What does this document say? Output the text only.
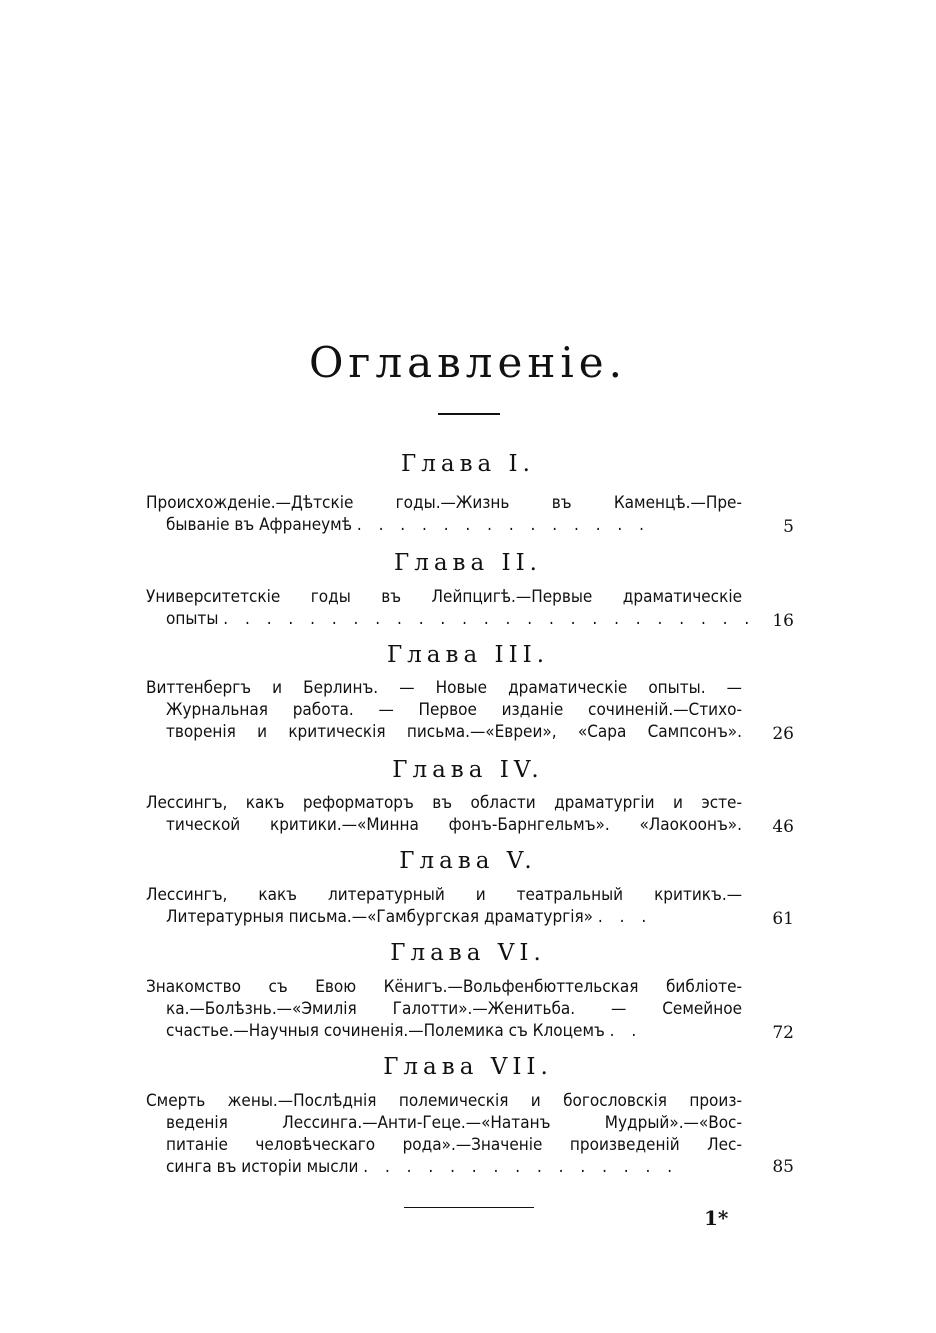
Оглавленіе.
Глава I.
Происхожденіе.—Дѣтскіе годы.—Жизнь въ Каменцѣ.—Пре-
бываніе въ Афранеумѣ . . . . . . . . . . . . . .	5
Глава II.
Университетскіе годы въ Лейпцигѣ.—Первые драматическіе
опыты . . . . . . . . . . . . . . . . . . . . . . . . .	16
Глава III.
Виттенбергъ и Берлинъ. — Новые драматическіе опыты. —
Журнальная работа. — Первое изданіе сочиненій.—Стихо-
творенія и критическія письма.—«Евреи», «Сара Сампсонъ».	26
Глава IV.
Лессингъ, какъ реформаторъ въ области драматургіи и эсте-
тической критики.—«Минна фонъ-Барнгельмъ». «Лаокоонъ».	46
Глава V.
Лессингъ, какъ литературный и театральный критикъ.—
Литературныя письма.—«Гамбургская драматургія» . . .	61
Глава VI.
Знакомство съ Евою Кёнигъ.—Вольфенбюттельская библіоте-
ка.—Болѣзнь.—«Эмилія Галотти».—Женитьба. — Семейное
счастье.—Научныя сочиненія.—Полемика съ Клоцемъ . .	72
Глава VII.
Смерть жены.—Послѣднія полемическія и богословскія произ-
веденія Лессинга.—Анти-Геце.—«Натанъ Мудрый».—«Вос-
питаніе человѣческаго рода».—Значеніе произведеній Лес-
синга въ исторіи мысли . . . . . . . . . . . . . . .	85
1*
